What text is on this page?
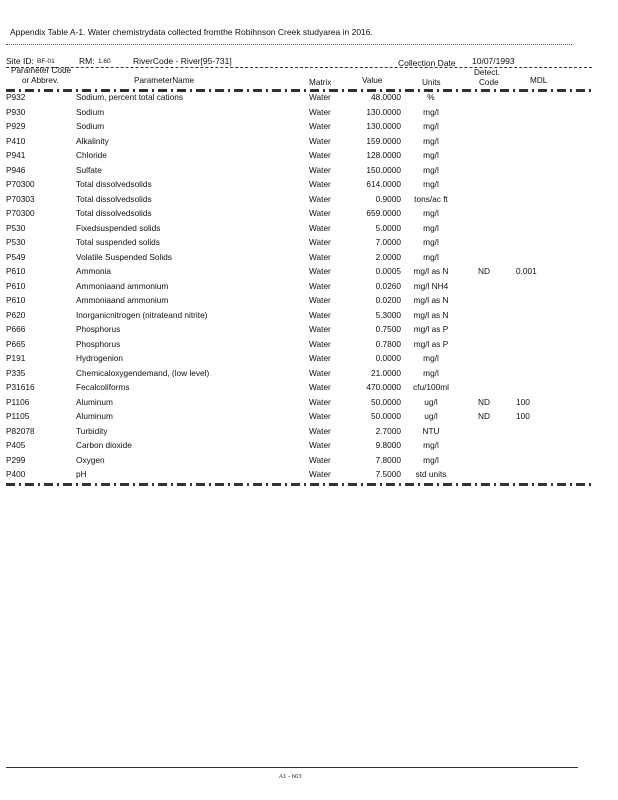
Appendix Table A-1. Water chemistrydata collected fromthe Robihnson Creek studyarea in 2016.
Site ID: BF-01	RM: 1.60	RiverCode - River[95-731]	Collection Date 10/07/1993
Parameter Code
or Abbrev.	ParameterName	Matrix	Value	Units
Detect.
Code	MDL
P932	Sodium, percent total cations	Water	48.0000	%
P930	Sodium	Water	130.0000	mg/l
P929	Sodium	Water	130.0000	mg/l
P410	Alkalinity	Water	159.0000	mg/l
P941	Chloride	Water	128.0000	mg/l
P946	Sulfate	Water	150.0000	mg/l
P70300	Total dissolvedsolids	Water	614.0000	mg/l
P70303	Total dissolvedsolids	Water	0.9000	tons/ac ft
P70300	Total dissolvedsolids	Water	659.0000	mg/l
P530	Fixedsuspended solids	Water	5.0000	mg/l
P530	Total suspended solids	Water	7.0000	mg/l
P549	Volatile Suspended Solids	Water	2.0000	mg/l
P610	Ammonia	Water	0.0005	mg/l as N	ND	0.001
P610	Ammoniaand ammonium	Water	0.0260	mg/l NH4
P610	Ammoniaand ammonium	Water	0.0200	mg/l as N
P620	Inorganicnitrogen (nitrateand nitrite)	Water	5.3000	mg/l as N
P666	Phosphorus	Water	0.7500	mg/l as P
P665	Phosphorus	Water	0.7800	mg/l as P
P191	Hydrogenion	Water	0.0000	mg/l
P335	Chemicaloxygendemand, (low level)	Water	21.0000	mg/l
P31616	Fecalcoliforms	Water	470.0000	cfu/100ml
P1106	Aluminum	Water	50.0000	ug/l	ND	100
P1105	Aluminum	Water	50.0000	ug/l	ND	100
P82078	Turbidity	Water	2.7000	NTU
P405	Carbon dioxide	Water	9.8000	mg/l
P299	Oxygen	Water	7.8000	mg/l
P400	pH	Water	7.5000	std units
A1 - 663
